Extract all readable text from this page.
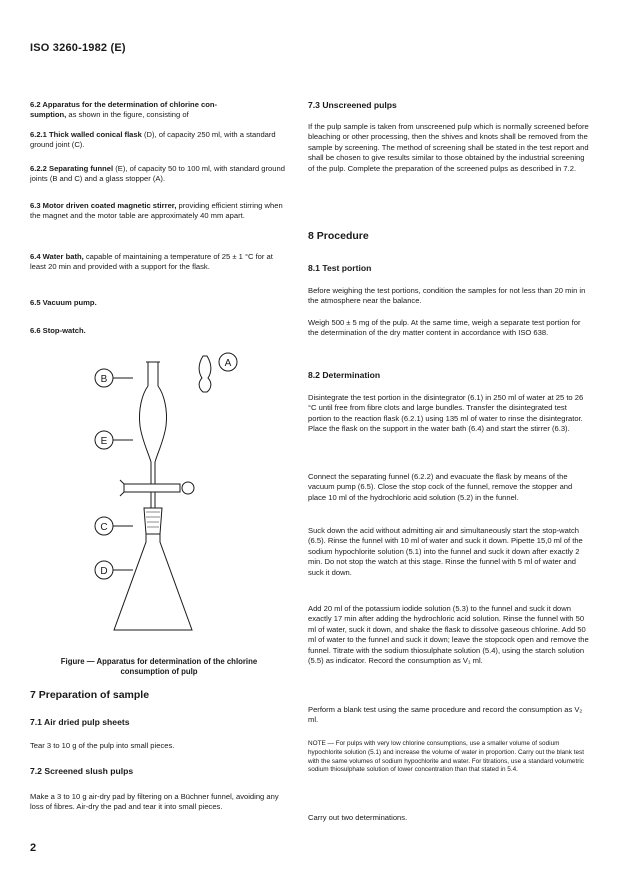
ISO 3260-1982 (E)
6.2 Apparatus for the determination of chlorine con-
sumption, as shown in the figure, consisting of
6.2.1 Thick walled conical flask (D), of capacity 250 ml, with a standard ground joint (C).
6.2.2 Separating funnel (E), of capacity 50 to 100 ml, with standard ground joints (B and C) and a glass stopper (A).
6.3 Motor driven coated magnetic stirrer, providing efficient stirring when the magnet and the motor table are approximately 40 mm apart.
6.4 Water bath, capable of maintaining a temperature of 25 ± 1 °C for at least 20 min and provided with a support for the flask.
6.5 Vacuum pump.
6.6 Stop-watch.
A
B
E
C
D
Figure — Apparatus for determination of the chlorine consumption of pulp
7 Preparation of sample
7.1 Air dried pulp sheets
Tear 3 to 10 g of the pulp into small pieces.
7.2 Screened slush pulps
Make a 3 to 10 g air-dry pad by filtering on a Büchner funnel, avoiding any loss of fibres. Air-dry the pad and tear it into small pieces.
7.3 Unscreened pulps
If the pulp sample is taken from unscreened pulp which is normally screened before bleaching or other processing, then the shives and knots shall be removed from the sample by screening. The method of screening shall be stated in the test report and shall be chosen to give results similar to those obtained by the industrial screening of the pulp. Complete the preparation of the screened pulps as described in 7.2.
8 Procedure
8.1 Test portion
Before weighing the test portions, condition the samples for not less than 20 min in the atmosphere near the balance.
Weigh 500 ± 5 mg of the pulp. At the same time, weigh a separate test portion for the determination of the dry matter content in accordance with ISO 638.
8.2 Determination
Disintegrate the test portion in the disintegrator (6.1) in 250 ml of water at 25 to 26 °C until free from fibre clots and large bundles. Transfer the disintegrated test portion to the reaction flask (6.2.1) using 135 ml of water to rinse the disintegrator. Place the flask on the support in the water bath (6.4) and start the stirrer (6.3).
Connect the separating funnel (6.2.2) and evacuate the flask by means of the vacuum pump (6.5). Close the stop cock of the funnel, remove the stopper and place 10 ml of the hydrochloric acid solution (5.2) in the funnel.
Suck down the acid without admitting air and simultaneously start the stop-watch (6.5). Rinse the funnel with 10 ml of water and suck it down. Pipette 15,0 ml of the sodium hypochlorite solution (5.1) into the funnel and suck it down after exactly 2 min. Do not stop the watch at this stage. Rinse the funnel with 5 ml of water and suck it down.
Add 20 ml of the potassium iodide solution (5.3) to the funnel and suck it down exactly 17 min after adding the hydrochloric acid solution. Rinse the funnel with 50 ml of water, suck it down, and shake the flask to dissolve gaseous chlorine. Add 50 ml of water to the funnel and suck it down; leave the stopcock open and remove the funnel. Titrate with the sodium thiosulphate solution (5.4), using the starch solution (5.5) as indicator. Record the consumption as V₁ ml.
Perform a blank test using the same procedure and record the consumption as V₂ ml.
NOTE — For pulps with very low chlorine consumptions, use a smaller volume of sodium hypochlorite solution (5.1) and increase the volume of water in proportion. Carry out the blank test with the same volumes of sodium hypochlorite and water. For titrations, use a standard volumetric sodium thiosulphate solution of lower concentration than that stated in 5.4.
Carry out two determinations.
2
